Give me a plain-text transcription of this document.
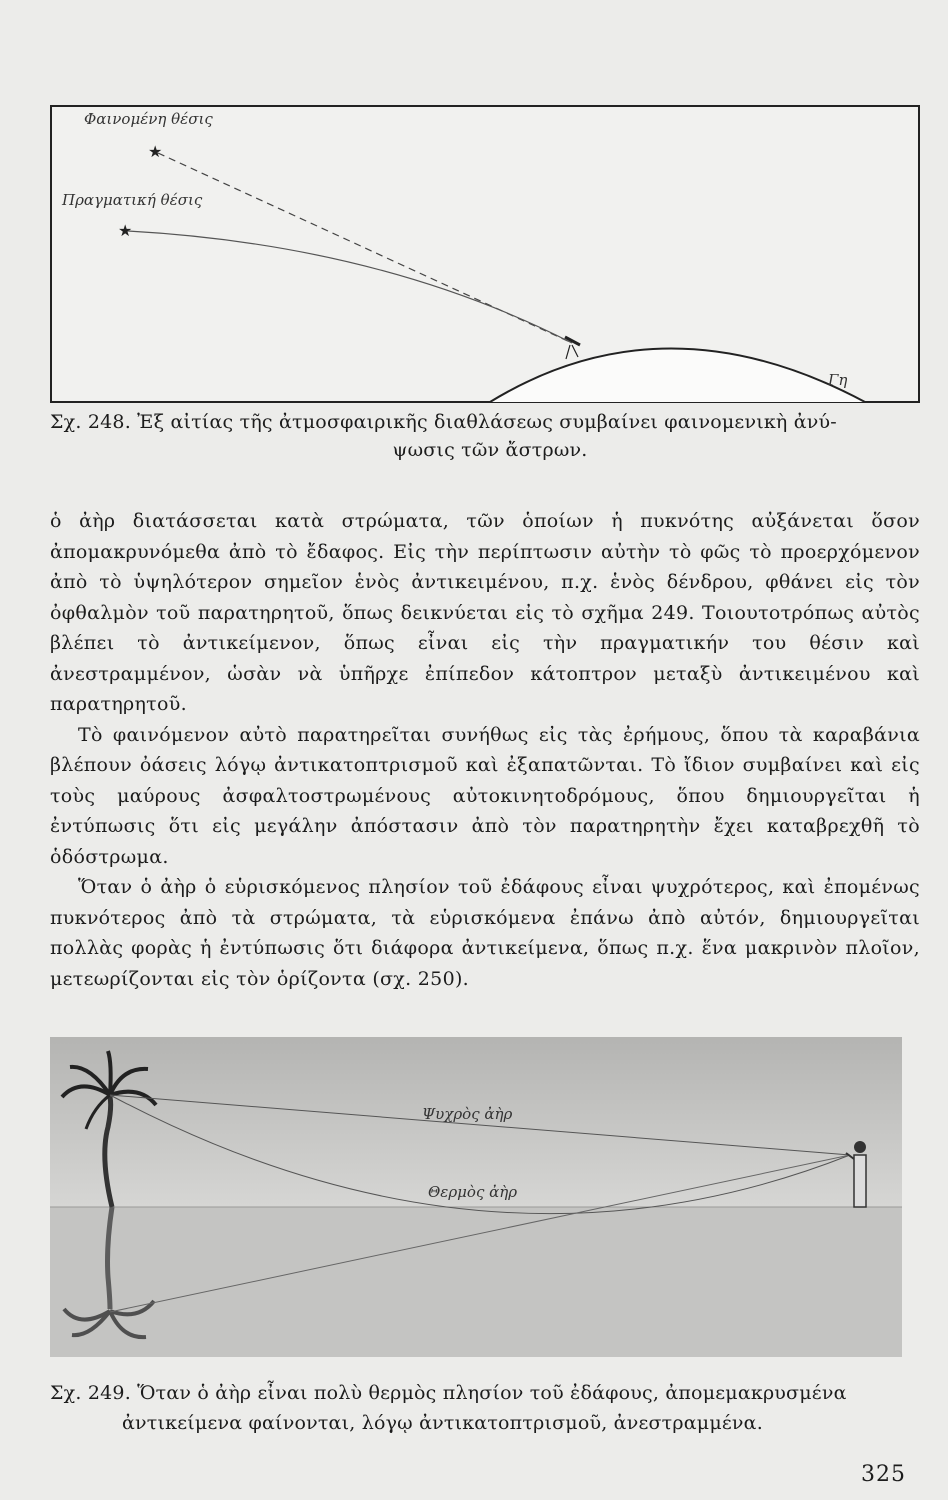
★
★
Φαινομένη θέσις
Πραγματική θέσις
Γη
Σχ. 248. Ἐξ αἰτίας τῆς ἀτμοσφαιρικῆς διαθλάσεως συμβαίνει φαινομενικὴ ἀνύ-
ψωσις τῶν ἄστρων.

ὁ ἀὴρ διατάσσεται κατὰ στρώματα, τῶν ὁποίων ἡ πυκνότης αὐξάνεται ὅσον ἀπομακρυνόμεθα ἀπὸ τὸ ἔδαφος. Εἰς τὴν περίπτωσιν αὐτὴν τὸ φῶς τὸ προερχόμενον ἀπὸ τὸ ὑψηλότερον σημεῖον ἑνὸς ἀντικειμένου, π.χ. ἑνὸς δένδρου, φθάνει εἰς τὸν ὀφθαλμὸν τοῦ παρατηρητοῦ, ὅπως δεικνύεται εἰς τὸ σχῆμα 249. Τοιουτοτρόπως αὐτὸς βλέπει τὸ ἀντικείμενον, ὅπως εἶναι εἰς τὴν πραγματικήν του θέσιν καὶ ἀνεστραμμένον, ὡσὰν νὰ ὑπῆρχε ἐπίπεδον κάτοπτρον μεταξὺ ἀντικειμένου καὶ παρατηρητοῦ.

Τὸ φαινόμενον αὐτὸ παρατηρεῖται συνήθως εἰς τὰς ἐρήμους, ὅπου τὰ καραβάνια βλέπουν ὀάσεις λόγῳ ἀντικατοπτρισμοῦ καὶ ἐξαπατῶνται. Τὸ ἴδιον συμβαίνει καὶ εἰς τοὺς μαύρους ἀσφαλτοστρωμένους αὐτοκινητοδρόμους, ὅπου δημιουργεῖται ἡ ἐντύπωσις ὅτι εἰς μεγάλην ἀπόστασιν ἀπὸ τὸν παρατηρητὴν ἔχει καταβρεχθῆ τὸ ὁδόστρωμα.

Ὅταν ὁ ἀὴρ ὁ εὑρισκόμενος πλησίον τοῦ ἐδάφους εἶναι ψυχρότερος, καὶ ἐπομένως πυκνότερος ἀπὸ τὰ στρώματα, τὰ εὑρισκόμενα ἐπάνω ἀπὸ αὐτόν, δημιουργεῖται πολλὰς φορὰς ἡ ἐντύπωσις ὅτι διάφορα ἀντικείμενα, ὅπως π.χ. ἕνα μακρινὸν πλοῖον, μετεωρίζονται εἰς τὸν ὁρίζοντα (σχ. 250).

Ψυχρὸς ἀὴρ
Θερμὸς ἀὴρ
Σχ. 249. Ὅταν ὁ ἀὴρ εἶναι πολὺ θερμὸς πλησίον τοῦ ἐδάφους, ἀπομεμακρυσμένα
ἀντικείμενα φαίνονται, λόγῳ ἀντικατοπτρισμοῦ, ἀνεστραμμένα.
325
